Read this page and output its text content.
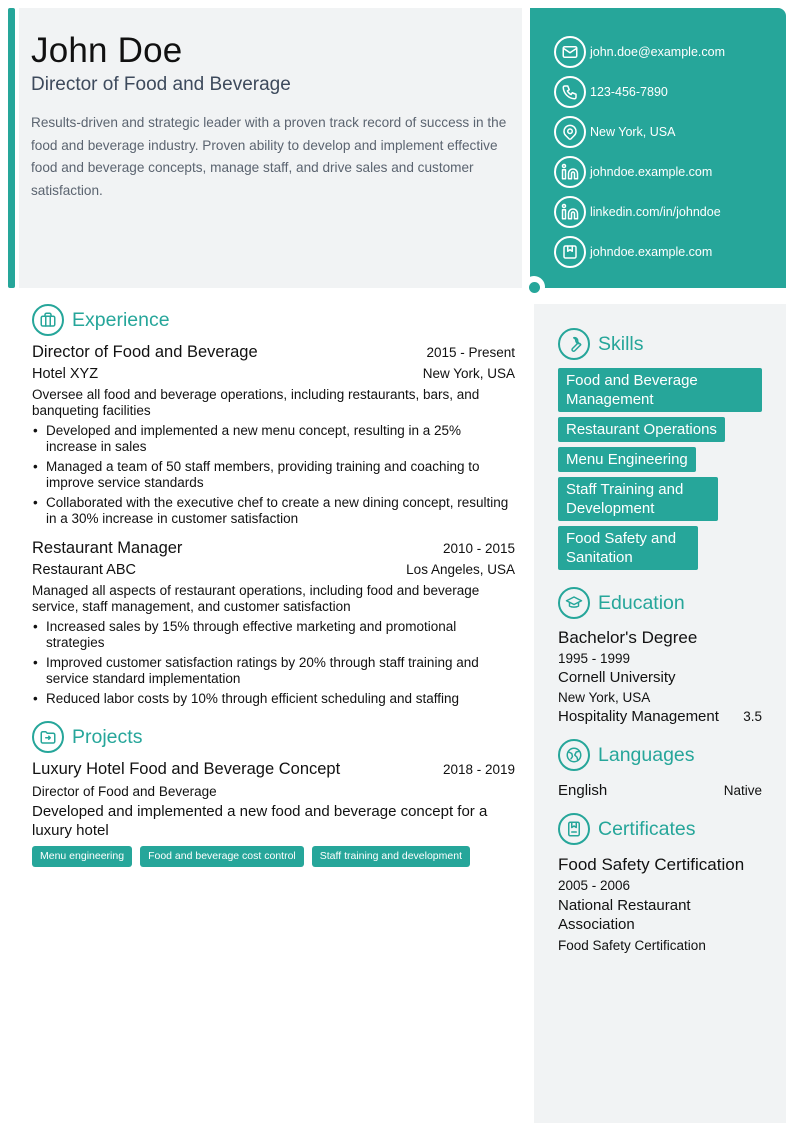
John Doe
Director of Food and Beverage
Results-driven and strategic leader with a proven track record of success in the food and beverage industry. Proven ability to develop and implement effective food and beverage concepts, manage staff, and drive sales and customer satisfaction.
john.doe@example.com
123-456-7890
New York, USA
johndoe.example.com
linkedin.com/in/johndoe
johndoe.example.com
Experience
Director of Food and Beverage	2015 - Present
Hotel XYZ	New York, USA
Oversee all food and beverage operations, including restaurants, bars, and banqueting facilities
• Developed and implemented a new menu concept, resulting in a 25% increase in sales
• Managed a team of 50 staff members, providing training and coaching to improve service standards
• Collaborated with the executive chef to create a new dining concept, resulting in a 30% increase in customer satisfaction
Restaurant Manager	2010 - 2015
Restaurant ABC	Los Angeles, USA
Managed all aspects of restaurant operations, including food and beverage service, staff management, and customer satisfaction
• Increased sales by 15% through effective marketing and promotional strategies
• Improved customer satisfaction ratings by 20% through staff training and service standard implementation
• Reduced labor costs by 10% through efficient scheduling and staffing
Projects
Luxury Hotel Food and Beverage Concept	2018 - 2019
Director of Food and Beverage
Developed and implemented a new food and beverage concept for a luxury hotel
Menu engineering	Food and beverage cost control	Staff training and development
Skills
Food and Beverage Management Restaurant Operations Menu Engineering Staff Training and Development Food Safety and Sanitation
Education
Bachelor's Degree
1995 - 1999
Cornell University
New York, USA
Hospitality Management 3.5
Languages
English	Native
Certificates
Food Safety Certification
2005 - 2006
National Restaurant Association
Food Safety Certification
